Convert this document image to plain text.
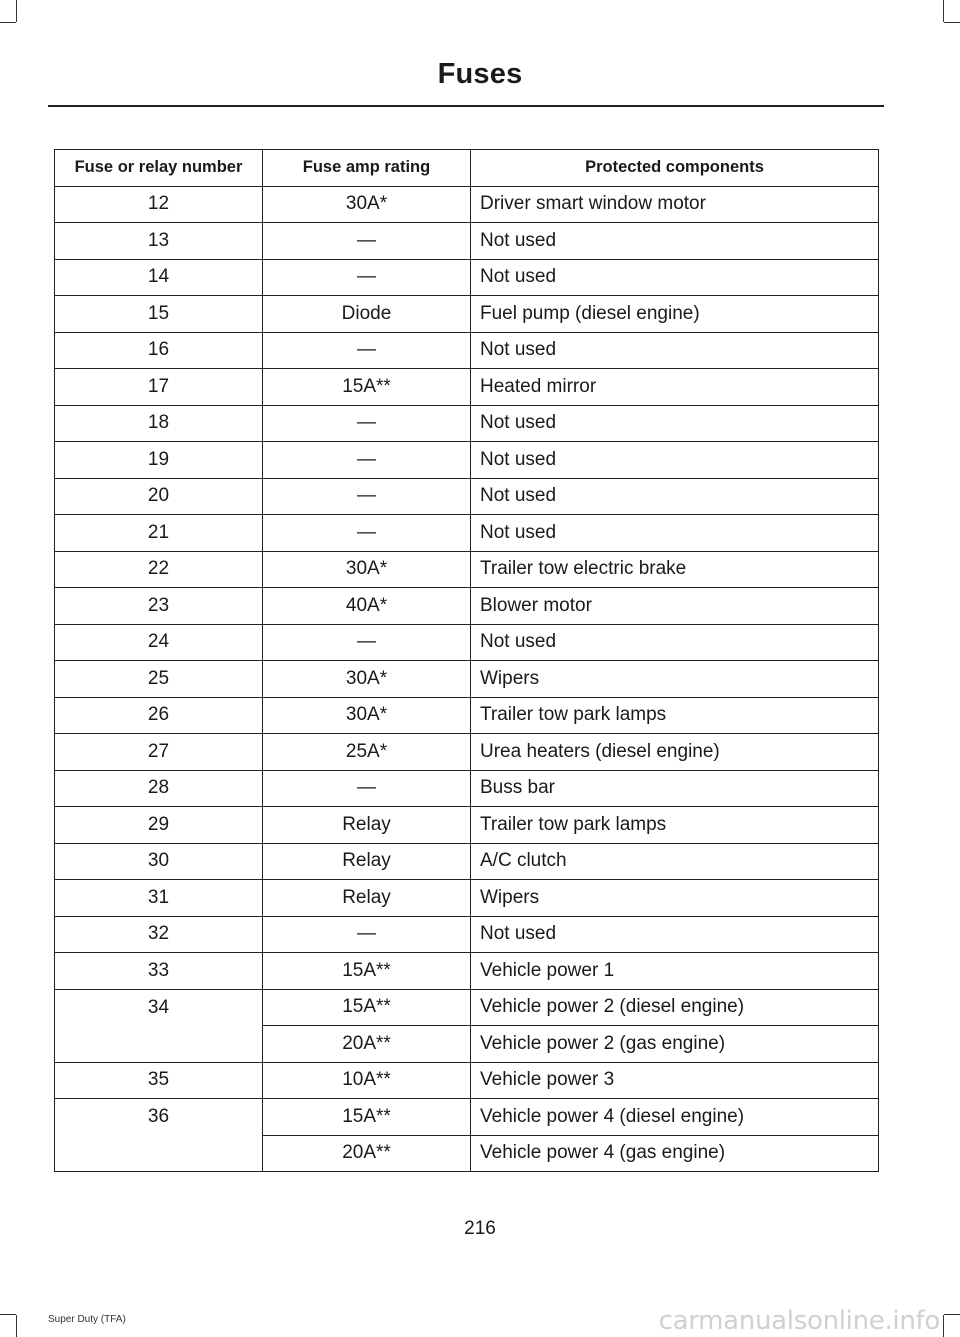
Fuses
Fuse or relay number	Fuse amp rating	Protected components
12	30A*	Driver smart window motor
13	—	Not used
14	—	Not used
15	Diode	Fuel pump (diesel engine)
16	—	Not used
17	15A**	Heated mirror
18	—	Not used
19	—	Not used
20	—	Not used
21	—	Not used
22	30A*	Trailer tow electric brake
23	40A*	Blower motor
24	—	Not used
25	30A*	Wipers
26	30A*	Trailer tow park lamps
27	25A*	Urea heaters (diesel engine)
28	—	Buss bar
29	Relay	Trailer tow park lamps
30	Relay	A/C clutch
31	Relay	Wipers
32	—	Not used
33	15A**	Vehicle power 1
34	15A**	Vehicle power 2 (diesel engine)
	20A**	Vehicle power 2 (gas engine)
35	10A**	Vehicle power 3
36	15A**	Vehicle power 4 (diesel engine)
	20A**	Vehicle power 4 (gas engine)
216
Super Duty (TFA)	carmanualsonline.info
